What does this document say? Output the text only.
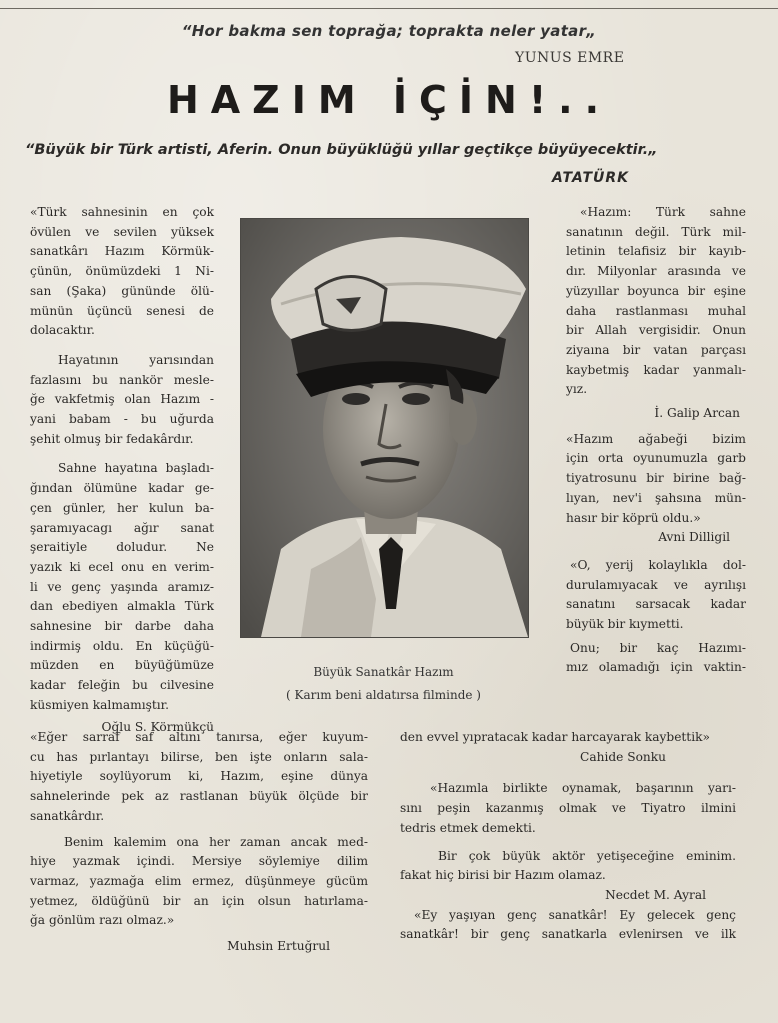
“Hor bakma sen toprağa; toprakta neler yatar„
YUNUS EMRE
HAZIM İÇİN!..
“Büyük bir Türk artisti, Aferin. Onun büyüklüğü yıllar geçtikçe büyüyecektir.„
ATATÜRK
«Türk sahnesinin en çok
övülen ve sevilen yüksek
sanatkârı Hazım Körmük-
çünün, önümüzdeki 1 Ni-
san (Şaka) gününde ölü-
münün üçüncü senesi de
dolacaktır.
Hayatının yarısından
fazlasını bu nankör mesle-
ğe vakfetmiş olan Hazım -
yani babam - bu uğurda
şehit olmuş bir fedakârdır.
Sahne hayatına başladı-
ğından ölümüne kadar ge-
çen günler, her kulun ba-
şaramıyacagı ağır sanat
şeraitiyle doludur. Ne
yazık ki ecel onu en verim-
li ve genç yaşında aramız-
dan ebediyen almakla Türk
sahnesine bir darbe daha
indirmiş oldu. En küçüğü-
müzden en büyüğümüze
kadar feleğin bu cilvesine
küsmiyen kalmamıştır.
Oğlu S. Körmükçü
Büyük Sanatkâr Hazım
( Karım beni aldatırsa filminde )
«Hazım: Türk sahne
sanatının değil. Türk mil-
letinin telafisiz bir kayıb-
dır. Milyonlar arasında ve
yüzyıllar boyunca bir eşine
daha rastlanması muhal
bir Allah vergisidir. Onun
ziyaına bir vatan parçası
kaybetmiş kadar yanmalı-
yız.
İ. Galip Arcan
«Hazım ağabeği bizim
için orta oyunumuzla garb
tiyatrosunu bir birine bağ-
lıyan, nev'i şahsına mün-
hasır bir köprü oldu.»
Avni Dilligil
«O, yerij kolaylıkla dol-
durulamıyacak ve ayrılışı
sanatını sarsacak kadar
büyük bir kıymetti.
Onu; bir kaç Hazımı-
mız olamadığı için vaktin-
«Eğer sarraf saf altını tanırsa, eğer kuyum-
cu has pırlantayı bilirse, ben işte onların sala-
hiyetiyle soylüyorum ki, Hazım, eşine dünya
sahnelerinde pek az rastlanan büyük ölçüde bir
sanatkârdır.
Benim kalemim ona her zaman ancak med-
hiye yazmak içindi. Mersiye söylemiye dilim
varmaz, yazmağa elim ermez, düşünmeye gücüm
yetmez, öldüğünü bir an için olsun hatırlama-
ğa gönlüm razı olmaz.»
Muhsin Ertuğrul
den evvel yıpratacak kadar harcayarak kaybettik»
Cahide Sonku
«Hazımla birlikte oynamak, başarının yarı-
sını peşin kazanmış olmak ve Tiyatro ilmini
tedris etmek demekti.
Bir çok büyük aktör yetişeceğine eminim.
fakat hiç birisi bir Hazım olamaz.
Necdet M. Ayral
«Ey yaşıyan genç sanatkâr! Ey gelecek genç
sanatkâr! bir genç sanatkarla evlenirsen ve ilk
